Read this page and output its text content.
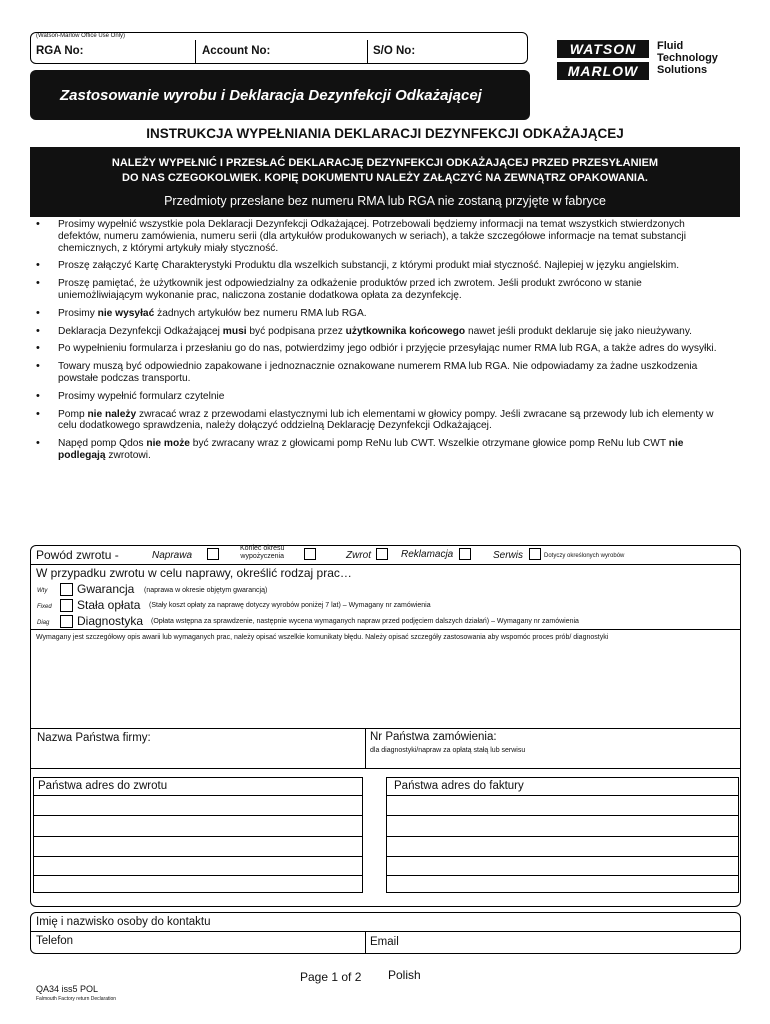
(Watson-Marlow Office Use Only)
RGA No:	Account No:	S/O No:	WATSON
MARLOW
Fluid
Technology
Solutions
Zastosowanie wyrobu i Deklaracja Dezynfekcji Odkażającej
INSTRUKCJA WYPEŁNIANIA DEKLARACJI DEZYNFEKCJI ODKAŻAJĄCEJ
NALEŻY WYPEŁNIĆ I PRZESŁAĆ DEKLARACJĘ DEZYNFEKCJI ODKAŻAJĄCEJ PRZED PRZESYŁANIEM
DO NAS CZEGOKOLWIEK. KOPIĘ DOKUMENTU NALEŻY ZAŁĄCZYĆ NA ZEWNĄTRZ OPAKOWANIA.
Przedmioty przesłane bez numeru RMA lub RGA nie zostaną przyjęte w fabryce
• Prosimy wypełnić wszystkie pola Deklaracji Dezynfekcji Odkażającej. Potrzebowali będziemy informacji na temat wszystkich stwierdzonych defektów, numeru zamówienia, numeru serii (dla artykułów produkowanych w seriach), a także szczegółowe informacje na temat substancji chemicznych, z którymi artykuły miały styczność.
• Proszę załączyć Kartę Charakterystyki Produktu dla wszelkich substancji, z którymi produkt miał styczność. Najlepiej w języku angielskim.
• Proszę pamiętać, że użytkownik jest odpowiedzialny za odkażenie produktów przed ich zwrotem. Jeśli produkt zwrócono w stanie uniemożliwiającym wykonanie prac, naliczona zostanie dodatkowa opłata za dezynfekcję.
• Prosimy nie wysyłać żadnych artykułów bez numeru RMA lub RGA.
• Deklaracja Dezynfekcji Odkażającej musi być podpisana przez użytkownika końcowego nawet jeśli produkt deklaruje się jako nieużywany.
• Po wypełnieniu formularza i przesłaniu go do nas, potwierdzimy jego odbiór i przyjęcie przesyłając numer RMA lub RGA, a także adres do wysyłki.
• Towary muszą być odpowiednio zapakowane i jednoznacznie oznakowane numerem RMA lub RGA. Nie odpowiadamy za żadne uszkodzenia powstałe podczas transportu.
• Prosimy wypełnić formularz czytelnie
• Pomp nie należy zwracać wraz z przewodami elastycznymi lub ich elementami w głowicy pompy. Jeśli zwracane są przewody lub ich elementy w celu dodatkowego sprawdzenia, należy dołączyć oddzielną Deklarację Dezynfekcji Odkażającej.
• Napęd pomp Qdos nie może być zwracany wraz z głowicami pomp ReNu lub CWT. Wszelkie otrzymane głowice pomp ReNu lub CWT nie podlegają zwrotowi.
Powód zwrotu -	Naprawa
Koniec okresu
wypożyczenia	Zwrot	Reklamacja	Serwis	Dotyczy określonych wyrobów
W przypadku zwrotu w celu naprawy, określić rodzaj prac…
Wty Gwarancja (naprawa w okresie objętym gwarancją)
Fixed Stała opłata (Stały koszt opłaty za naprawę dotyczy wyrobów poniżej 7 lat) – Wymagany nr zamówienia
Diag Diagnostyka (Opłata wstępna za sprawdzenie, następnie wycena wymaganych napraw przed podjęciem dalszych działań) – Wymagany nr zamówienia
Wymagany jest szczegółowy opis awarii lub wymaganych prac, należy opisać wszelkie komunikaty błędu. Należy opisać szczegóły zastosowania aby wspomóc proces prób/ diagnostyki
Nazwa Państwa firmy:	Nr Państwa zamówienia:
dla diagnostyki/napraw za opłatą stałą lub serwisu
Państwa adres do zwrotu	Państwa adres do faktury
Imię i nazwisko osoby do kontaktu
Telefon	Email
Page 1 of 2 Polish
QA34 iss5 POL
Falmouth Factory return Declaration
